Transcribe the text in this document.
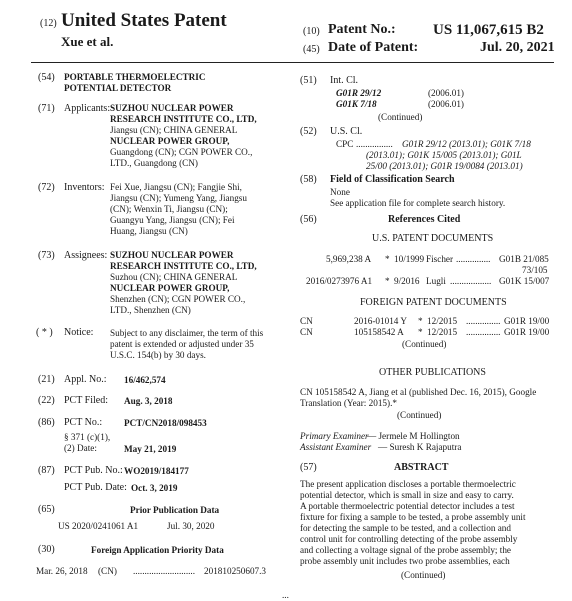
(12) United States Patent
Xue et al.
(10) Patent No.: US 11,067,615 B2
(45) Date of Patent:	Jul. 20, 2021
(54) PORTABLE THERMOELECTRIC
POTENTIAL DETECTOR
(71) Applicants: SUZHOU NUCLEAR POWER
RESEARCH INSTITUTE CO., LTD,
Jiangsu (CN); CHINA GENERAL
NUCLEAR POWER GROUP,
Guangdong (CN); CGN POWER CO.,
LTD., Guangdong (CN)
(72) Inventors: Fei Xue, Jiangsu (CN); Fangjie Shi,
Jiangsu (CN); Yumeng Yang, Jiangsu
(CN); Wenxin Ti, Jiangsu (CN);
Guangyu Yang, Jiangsu (CN); Fei
Huang, Jiangsu (CN)
(73) Assignees: SUZHOU NUCLEAR POWER
RESEARCH INSTITUTE CO., LTD,
Suzhou (CN); CHINA GENERAL
NUCLEAR POWER GROUP,
Shenzhen (CN); CGN POWER CO.,
LTD., Shenzhen (CN)
( * ) Notice: Subject to any disclaimer, the term of this
patent is extended or adjusted under 35
U.S.C. 154(b) by 30 days.
(21) Appl. No.: 16/462,574
(22) PCT Filed: Aug. 3, 2018
(86) PCT No.: PCT/CN2018/098453
§ 371 (c)(1),
(2) Date:	May 21, 2019
(87) PCT Pub. No.: WO2019/184177
PCT Pub. Date: Oct. 3, 2019
(65)	Prior Publication Data
US 2020/0241061 A1	Jul. 30, 2020
(30)	Foreign Application Priority Data
Mar. 26, 2018 (CN) ........................... 201810250607.3
(51) Int. Cl.
G01R 29/12	(2006.01)
G01K 7/18	(2006.01)
(Continued)
(52) U.S. Cl.
CPC ................ G01R 29/12 (2013.01); G01K 7/18
(2013.01); G01K 15/005 (2013.01); G01L
25/00 (2013.01); G01R 19/0084 (2013.01)
(58) Field of Classification Search
None
See application file for complete search history.
(56)	References Cited
U.S. PATENT DOCUMENTS
5,969,238 A * 10/1999 Fischer ............... G01B 21/085
73/105
2016/0273976 A1 * 9/2016 Lugli .................. G01K 15/007
FOREIGN PATENT DOCUMENTS
CN	2016-01014 Y * 12/2015 ............... G01R 19/00
CN	105158542 A * 12/2015 ............... G01R 19/00
(Continued)
OTHER PUBLICATIONS
CN 105158542 A, Jiang et al (published Dec. 16, 2015), Google
Translation (Year: 2015).*
(Continued)
Primary Examiner
— Jermele M Hollington
Assistant Examiner — Suresh K Rajaputra
(57)	ABSTRACT
The present application discloses a portable thermoelectric
potential detector, which is small in size and easy to carry.
A portable thermoelectric potential detector includes a test
fixture for fixing a sample to be tested, a probe assembly unit
for detecting the sample to be tested, and a collection and
control unit for controlling detecting of the probe assembly
and collecting a voltage signal of the probe assembly; the
probe assembly unit includes two probe assemblies, each
(Continued)
...
